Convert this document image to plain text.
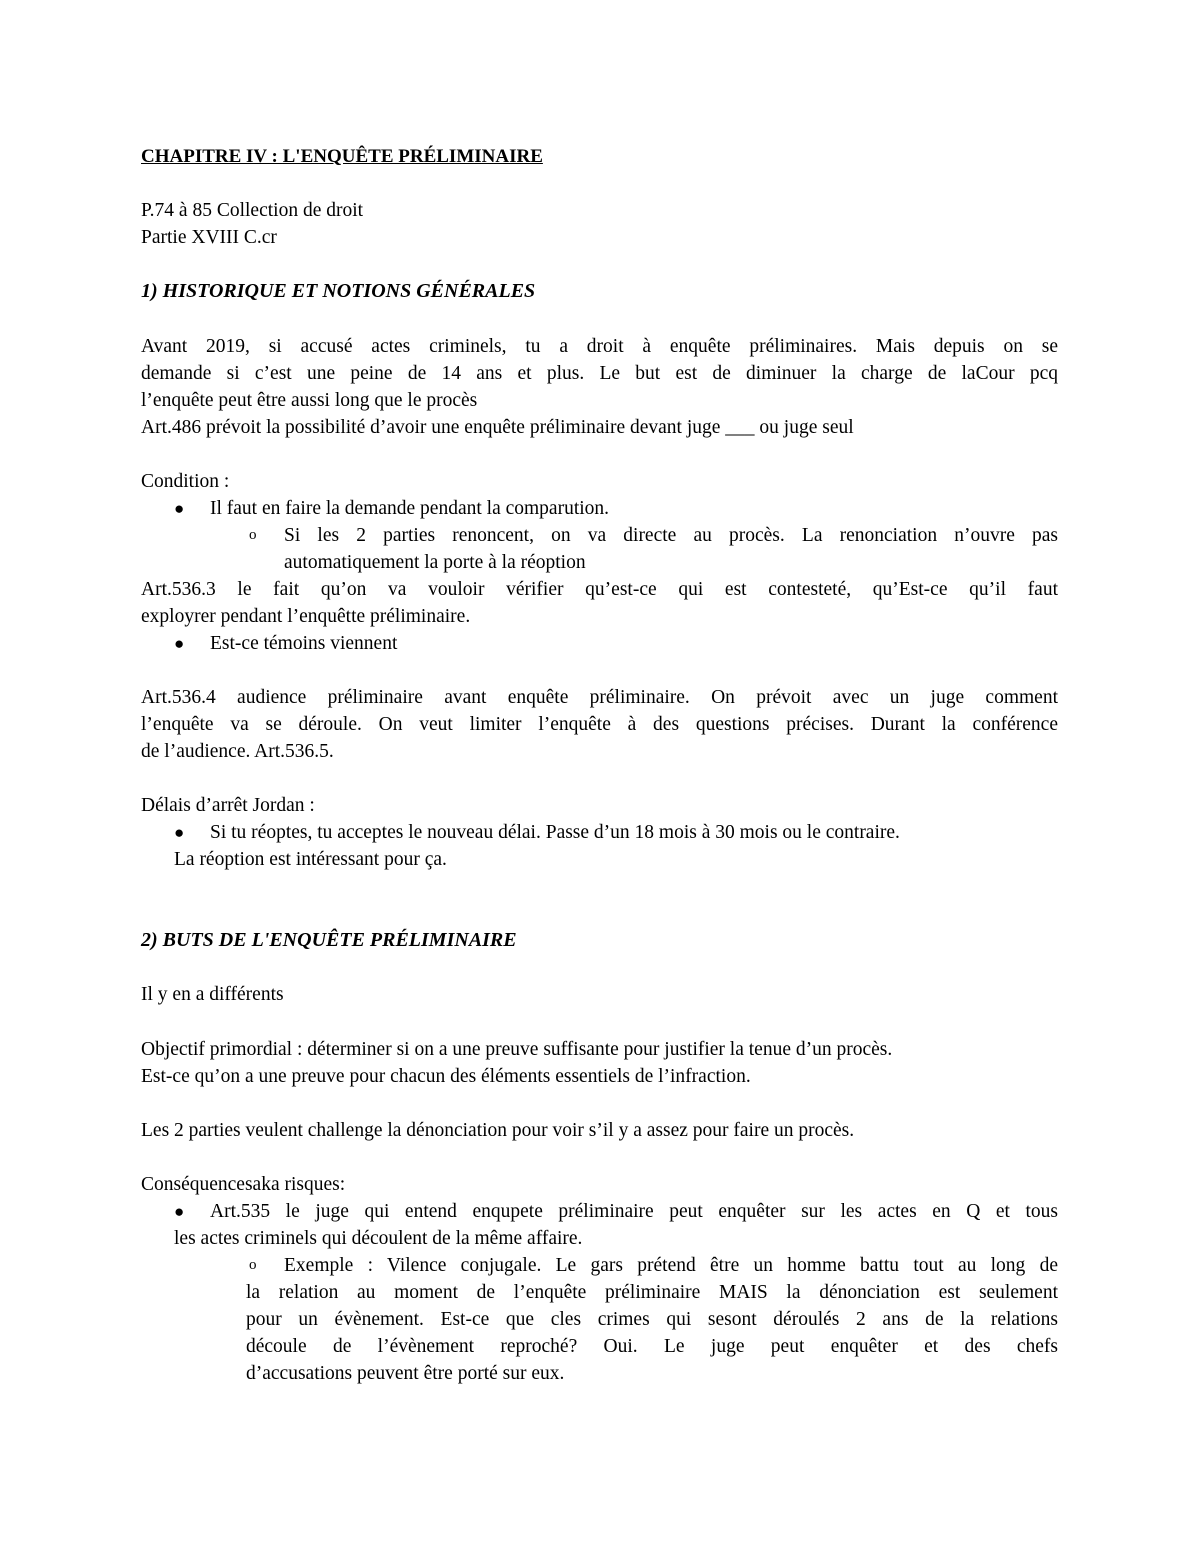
CHAPITRE IV : L'ENQUÊTE PRÉLIMINAIRE
P.74 à 85 Collection de droit
Partie XVIII C.cr
1) HISTORIQUE ET NOTIONS GÉNÉRALES
Avant 2019, si accusé actes criminels, tu a droit à enquête préliminaires. Mais depuis on se
demande si c’est une peine de 14 ans et plus. Le but est de diminuer la charge de laCour pcq
l’enquête peut être aussi long que le procès
Art.486 prévoit la possibilité d’avoir une enquête préliminaire devant juge ___ ou juge seul
Condition :
● Il faut en faire la demande pendant la comparution.
o Si les 2 parties renoncent, on va directe au procès. La renonciation n’ouvre pas
automatiquement la porte à la réoption
Art.536.3 le fait qu’on va vouloir vérifier qu’est-ce qui est contesteté, qu’Est-ce qu’il faut
exployrer pendant l’enquêtte préliminaire.
● Est-ce témoins viennent
Art.536.4 audience préliminaire avant enquête préliminaire. On prévoit avec un juge comment
l’enquête va se déroule. On veut limiter l’enquête à des questions précises. Durant la conférence
de l’audience. Art.536.5.
Délais d’arrêt Jordan :
● Si tu réoptes, tu acceptes le nouveau délai. Passe d’un 18 mois à 30 mois ou le contraire.
La réoption est intéressant pour ça.
2) BUTS DE L'ENQUÊTE PRÉLIMINAIRE
Il y en a différents
Objectif primordial : déterminer si on a une preuve suffisante pour justifier la tenue d’un procès.
Est-ce qu’on a une preuve pour chacun des éléments essentiels de l’infraction.
Les 2 parties veulent challenge la dénonciation pour voir s’il y a assez pour faire un procès.
Conséquencesaka risques:
● Art.535 le juge qui entend enqupete préliminaire peut enquêter sur les actes en Q et tous
les actes criminels qui découlent de la même affaire.
o Exemple : Vilence conjugale. Le gars prétend être un homme battu tout au long de
la relation au moment de l’enquête préliminaire MAIS la dénonciation est seulement
pour un évènement. Est-ce que cles crimes qui sesont déroulés 2 ans de la relations
découle de l’évènement reproché? Oui. Le juge peut enquêter et des chefs
d’accusations peuvent être porté sur eux.
